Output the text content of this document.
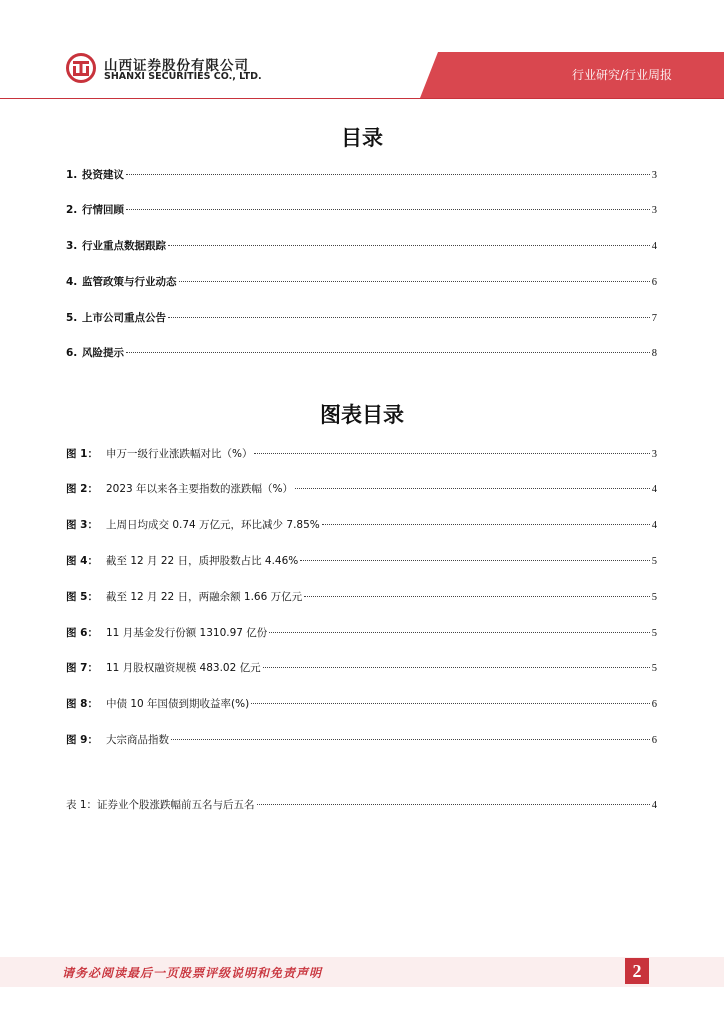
行业研究/行业周报
山西证券股份有限公司
SHANXI SECURITIES CO., LTD.
目录
1. 投资建议	3
2. 行情回顾	3
3. 行业重点数据跟踪	4
4. 监管政策与行业动态	6
5. 上市公司重点公告	7
6. 风险提示	8
图表目录
图 1： 申万一级行业涨跌幅对比（%）	3
图 2： 2023 年以来各主要指数的涨跌幅（%）	4
图 3： 上周日均成交 0.74 万亿元，环比减少 7.85%	4
图 4： 截至 12 月 22 日，质押股数占比 4.46%	5
图 5： 截至 12 月 22 日，两融余额 1.66 万亿元	5
图 6： 11 月基金发行份额 1310.97 亿份	5
图 7： 11 月股权融资规模 483.02 亿元	5
图 8： 中债 10 年国债到期收益率(%)	6
图 9： 大宗商品指数	6
表 1：证券业个股涨跌幅前五名与后五名	4
请务必阅读最后一页股票评级说明和免责声明	2
